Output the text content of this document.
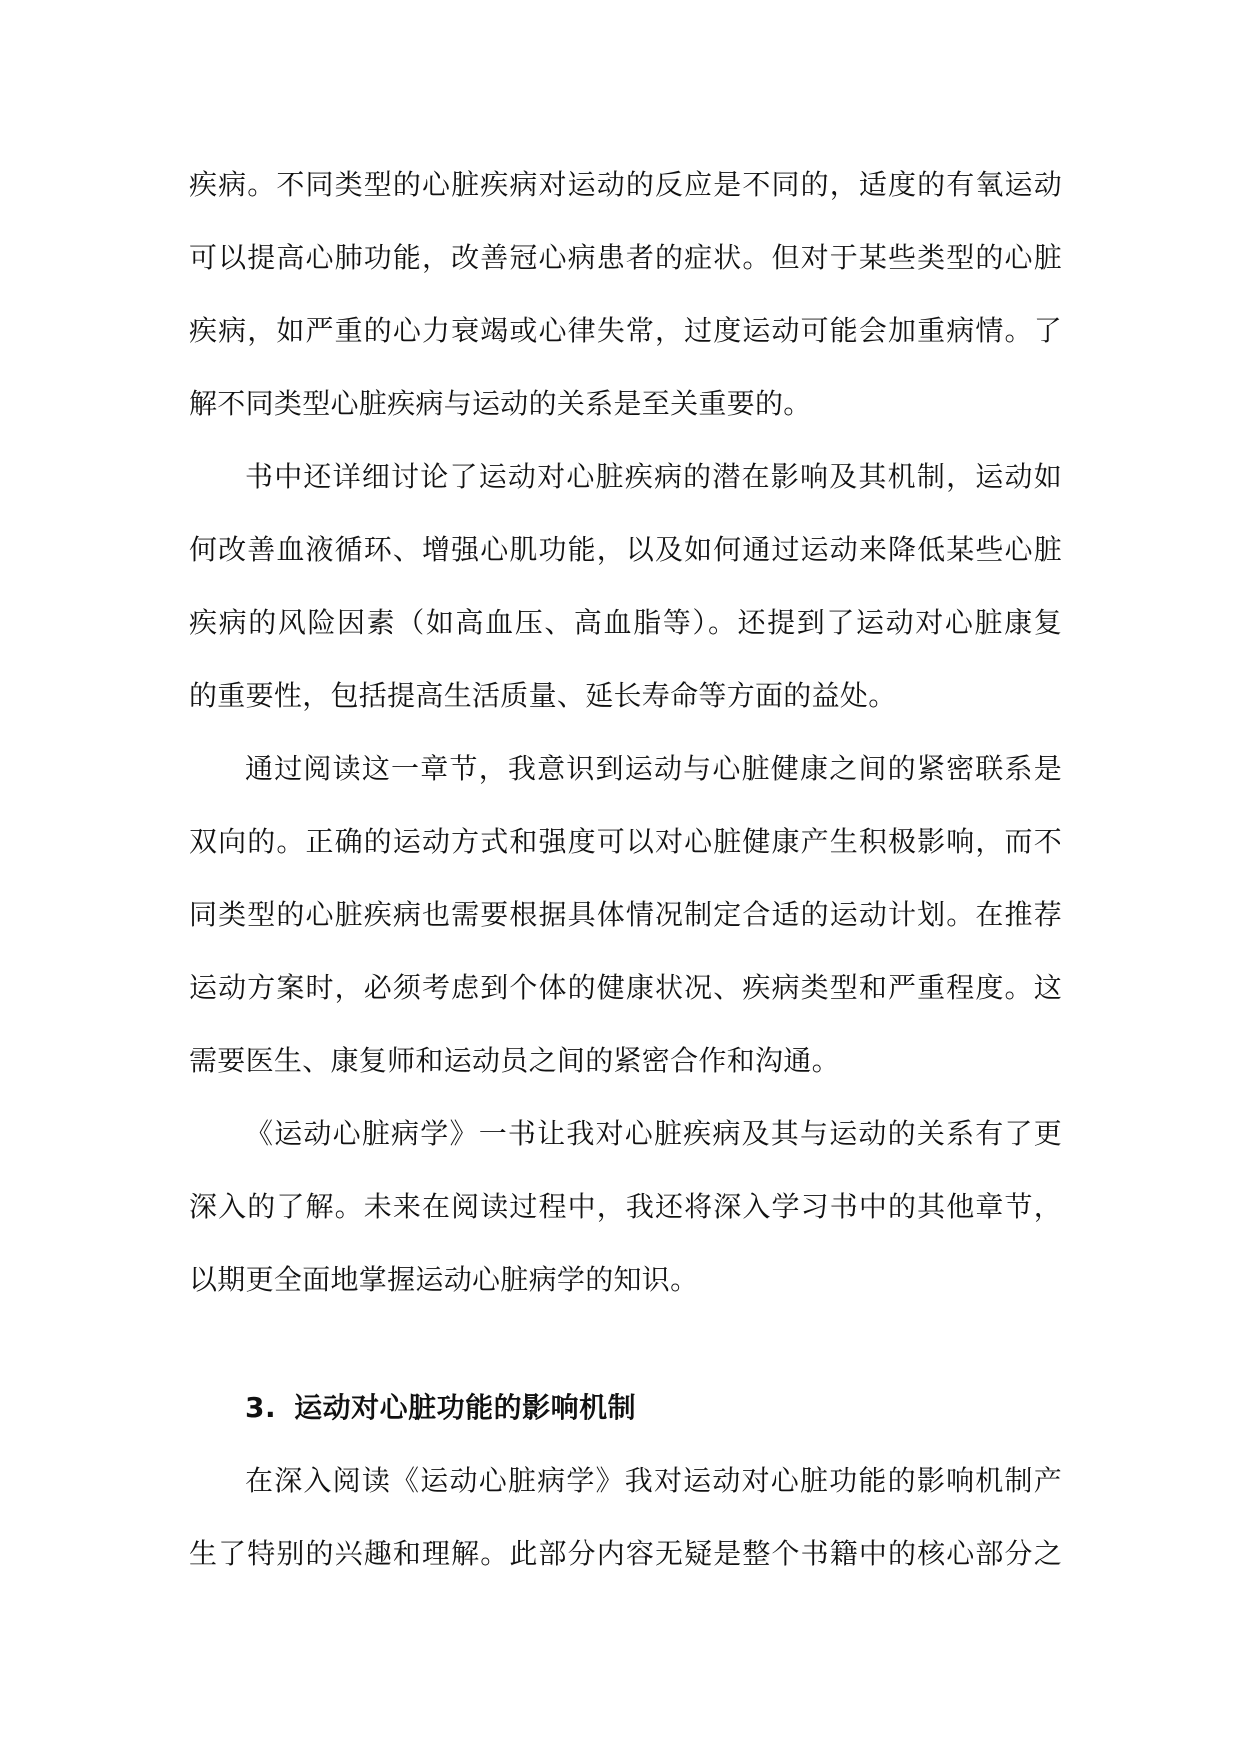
疾病。不同类型的心脏疾病对运动的反应是不同的，适度的有氧运动
可以提高心肺功能，改善冠心病患者的症状。但对于某些类型的心脏
疾病，如严重的心力衰竭或心律失常，过度运动可能会加重病情。了
解不同类型心脏疾病与运动的关系是至关重要的。
书中还详细讨论了运动对心脏疾病的潜在影响及其机制，运动如
何改善血液循环、增强心肌功能，以及如何通过运动来降低某些心脏
疾病的风险因素（如高血压、高血脂等）。还提到了运动对心脏康复
的重要性，包括提高生活质量、延长寿命等方面的益处。
通过阅读这一章节，我意识到运动与心脏健康之间的紧密联系是
双向的。正确的运动方式和强度可以对心脏健康产生积极影响，而不
同类型的心脏疾病也需要根据具体情况制定合适的运动计划。在推荐
运动方案时，必须考虑到个体的健康状况、疾病类型和严重程度。这
需要医生、康复师和运动员之间的紧密合作和沟通。
《运动心脏病学》一书让我对心脏疾病及其与运动的关系有了更
深入的了解。未来在阅读过程中，我还将深入学习书中的其他章节，
以期更全面地掌握运动心脏病学的知识。
3. 运动对心脏功能的影响机制
在深入阅读《运动心脏病学》我对运动对心脏功能的影响机制产
生了特别的兴趣和理解。此部分内容无疑是整个书籍中的核心部分之
